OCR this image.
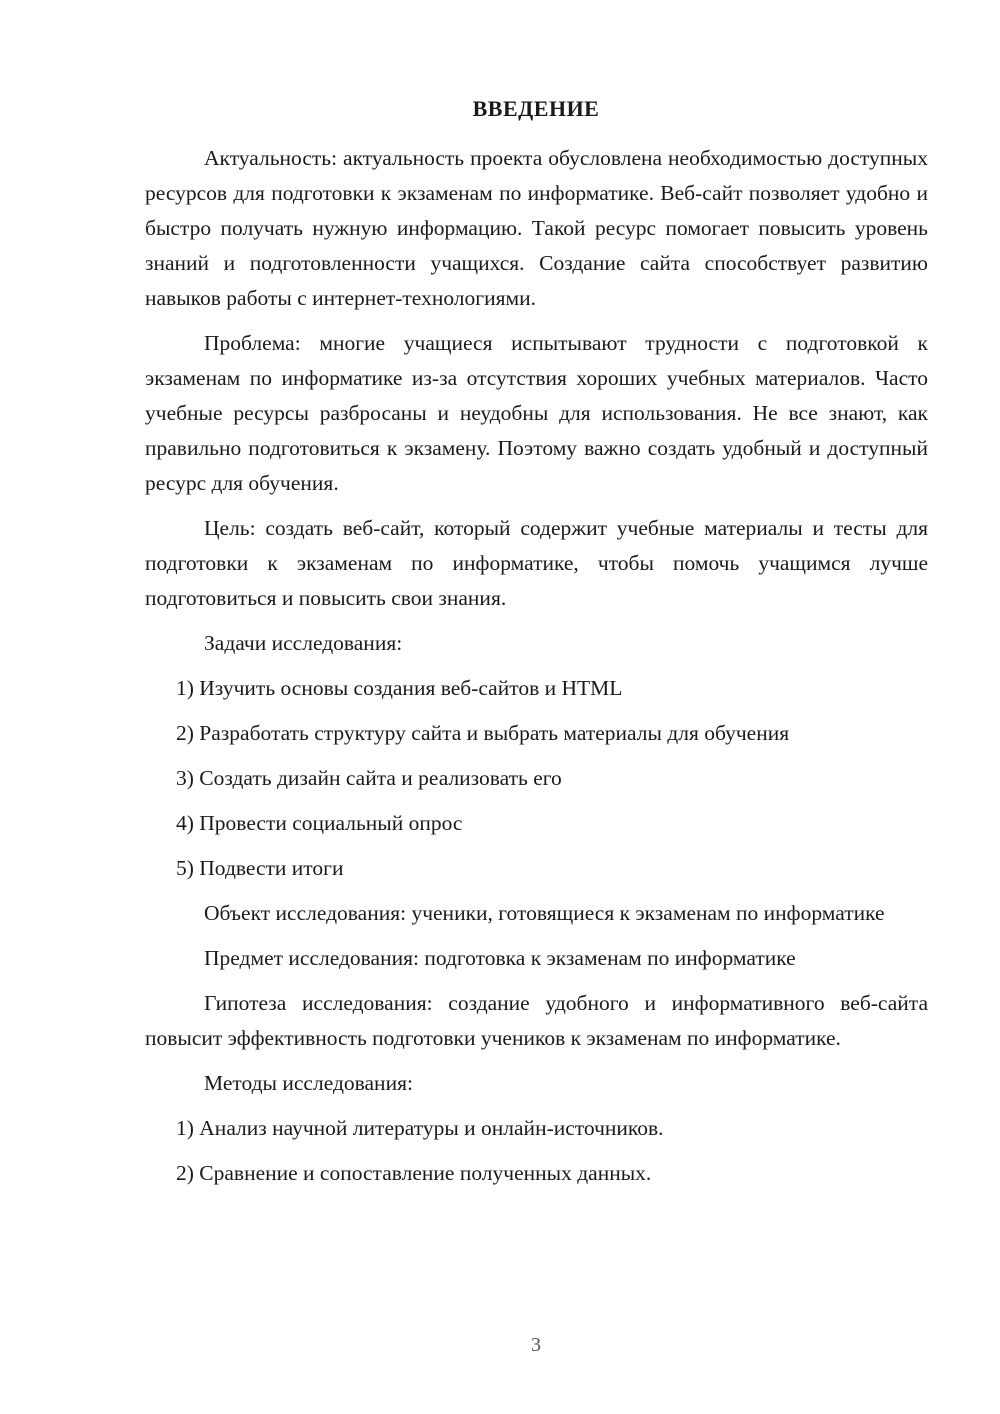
ВВЕДЕНИЕ

Актуальность: актуальность проекта обусловлена необходимостью доступных ресурсов для подготовки к экзаменам по информатике. Веб-сайт позволяет удобно и быстро получать нужную информацию. Такой ресурс помогает повысить уровень знаний и подготовленности учащихся. Создание сайта способствует развитию навыков работы с интернет-технологиями.

Проблема: многие учащиеся испытывают трудности с подготовкой к экзаменам по информатике из-за отсутствия хороших учебных материалов. Часто учебные ресурсы разбросаны и неудобны для использования. Не все знают, как правильно подготовиться к экзамену. Поэтому важно создать удобный и доступный ресурс для обучения.

Цель: создать веб-сайт, который содержит учебные материалы и тесты для подготовки к экзаменам по информатике, чтобы помочь учащимся лучше подготовиться и повысить свои знания.

Задачи исследования:

1) Изучить основы создания веб-сайтов и HTML

2) Разработать структуру сайта и выбрать материалы для обучения

3) Создать дизайн сайта и реализовать его

4) Провести социальный опрос

5) Подвести итоги

Объект исследования: ученики, готовящиеся к экзаменам по информатике

Предмет исследования: подготовка к экзаменам по информатике

Гипотеза исследования: создание удобного и информативного веб-сайта повысит эффективность подготовки учеников к экзаменам по информатике.

Методы исследования:

1) Анализ научной литературы и онлайн-источников.

2) Сравнение и сопоставление полученных данных.

3
